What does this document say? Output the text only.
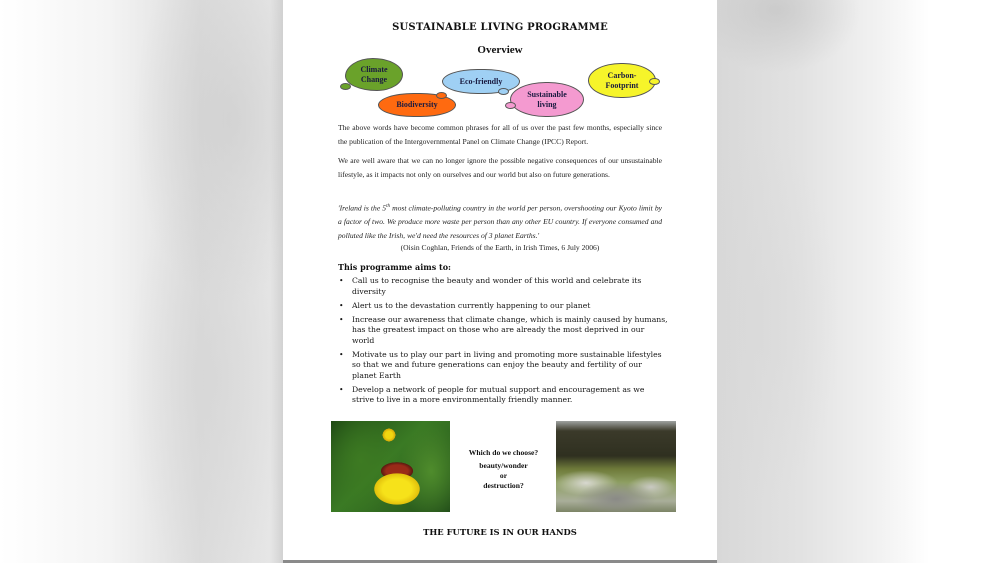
SUSTAINABLE LIVING PROGRAMME
Overview
Climate
Change
Biodiversity
Eco-friendly
Sustainable
living
Carbon-
Footprint
The above words have become common phrases for all of us over the past few months, especially since the publication of the Intergovernmental Panel on Climate Change (IPCC) Report.
We are well aware that we can no longer ignore the possible negative consequences of our unsustainable lifestyle, as it impacts not only on ourselves and our world but also on future generations.
'Ireland is the 5th most climate-polluting country in the world per person, overshooting our Kyoto limit by a factor of two. We produce more waste per person than any other EU country. If everyone consumed and polluted like the Irish, we'd need the resources of 3 planet Earths.'
(Oisin Coghlan, Friends of the Earth, in Irish Times, 6 July 2006)
This programme aims to:
• Call us to recognise the beauty and wonder of this world and celebrate its diversity
• Alert us to the devastation currently happening to our planet
• Increase our awareness that climate change, which is mainly caused by humans, has the greatest impact on those who are already the most deprived in our world
• Motivate us to play our part in living and promoting more sustainable lifestyles so that we and future generations can enjoy the beauty and fertility of our planet Earth
• Develop a network of people for mutual support and encouragement as we strive to live in a more environmentally friendly manner.
Which do we choose?
beauty/wonder
or
destruction?
THE FUTURE IS IN OUR HANDS
